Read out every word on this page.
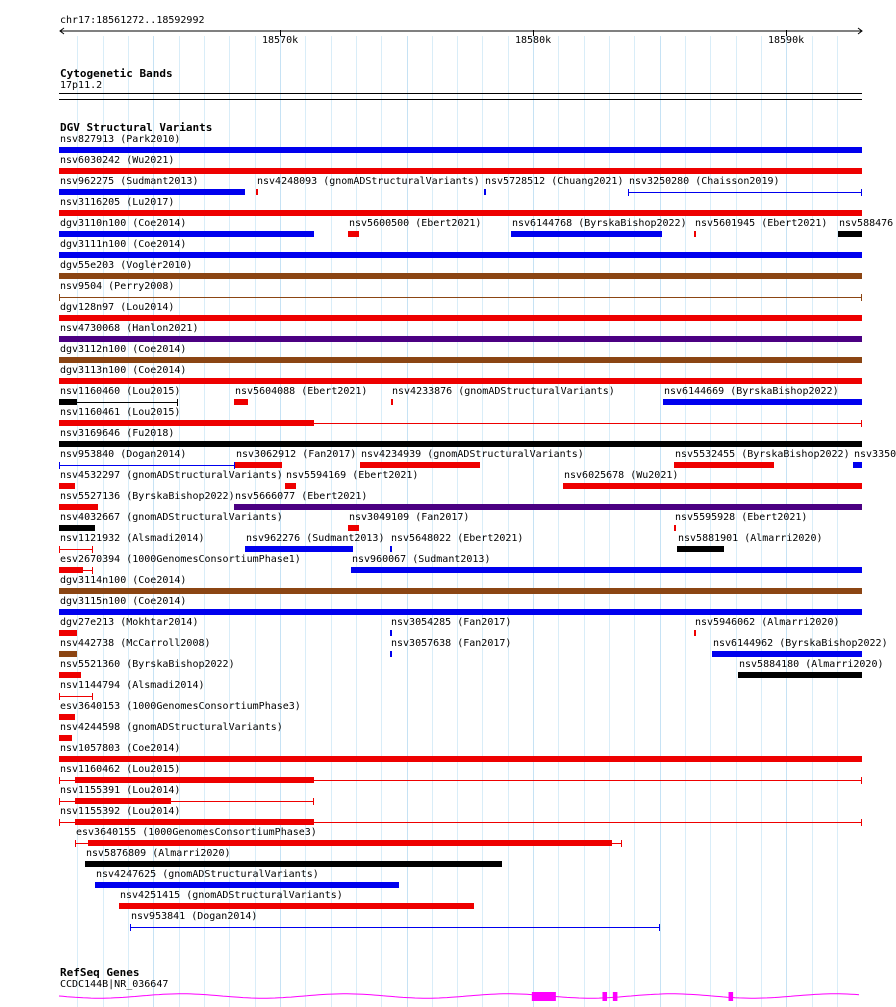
chr17:18561272..18592992
18570k	18580k	18590k
Cytogenetic Bands
17p11.2
DGV Structural Variants
nsv827913 (Park2010)
nsv6030242 (Wu2021)
nsv962275 (Sudmant2013)	nsv4248093 (gnomADStructuralVariants) nsv5728512 (Chuang2021) nsv3250280 (Chaisson2019)
nsv3116205 (Lu2017)
dgv3110n100 (Coe2014)	nsv5600500 (Ebert2021)	nsv6144768 (ByrskaBishop2022) nsv5601945 (Ebert2021) nsv588476
dgv3111n100 (Coe2014)
dgv55e203 (Vogler2010)
nsv9504 (Perry2008)
dgv128n97 (Lou2014)
nsv4730068 (Hanlon2021)
dgv3112n100 (Coe2014)
dgv3113n100 (Coe2014)
nsv1160460 (Lou2015)	nsv5604088 (Ebert2021) nsv4233876 (gnomADStructuralVariants)	nsv6144669 (ByrskaBishop2022)
nsv1160461 (Lou2015)
nsv3169646 (Fu2018)
nsv953840 (Dogan2014)	nsv3062912 (Fan2017) nsv4234939 (gnomADStructuralVariants)	nsv5532455 (ByrskaBishop2022) nsv3350
nsv4532297 (gnomADStructuralVariants) nsv5594169 (Ebert2021)	nsv6025678 (Wu2021)
nsv5527136 (ByrskaBishop2022) nsv5666077 (Ebert2021)
nsv4032667 (gnomADStructuralVariants)	nsv3049109 (Fan2017)	nsv5595928 (Ebert2021)
nsv1121932 (Alsmadi2014)	nsv962276 (Sudmant2013) nsv5648022 (Ebert2021)	nsv5881901 (Almarri2020)
esv2670394 (1000GenomesConsortiumPhase1)	nsv960067 (Sudmant2013)
dgv3114n100 (Coe2014)
dgv3115n100 (Coe2014)
dgv27e213 (Mokhtar2014)	nsv3054285 (Fan2017)	nsv5946062 (Almarri2020)
nsv442738 (McCarroll2008)	nsv3057638 (Fan2017)	nsv6144962 (ByrskaBishop2022)
nsv5521360 (ByrskaBishop2022)	nsv5884180 (Almarri2020)
nsv1144794 (Alsmadi2014)
esv3640153 (1000GenomesConsortiumPhase3)
nsv4244598 (gnomADStructuralVariants)
nsv1057803 (Coe2014)
nsv1160462 (Lou2015)
nsv1155391 (Lou2014)
nsv1155392 (Lou2014)
esv3640155 (1000GenomesConsortiumPhase3)
nsv5876809 (Almarri2020)
nsv4247625 (gnomADStructuralVariants)
nsv4251415 (gnomADStructuralVariants)
nsv953841 (Dogan2014)
RefSeq Genes
CCDC144B|NR_036647
